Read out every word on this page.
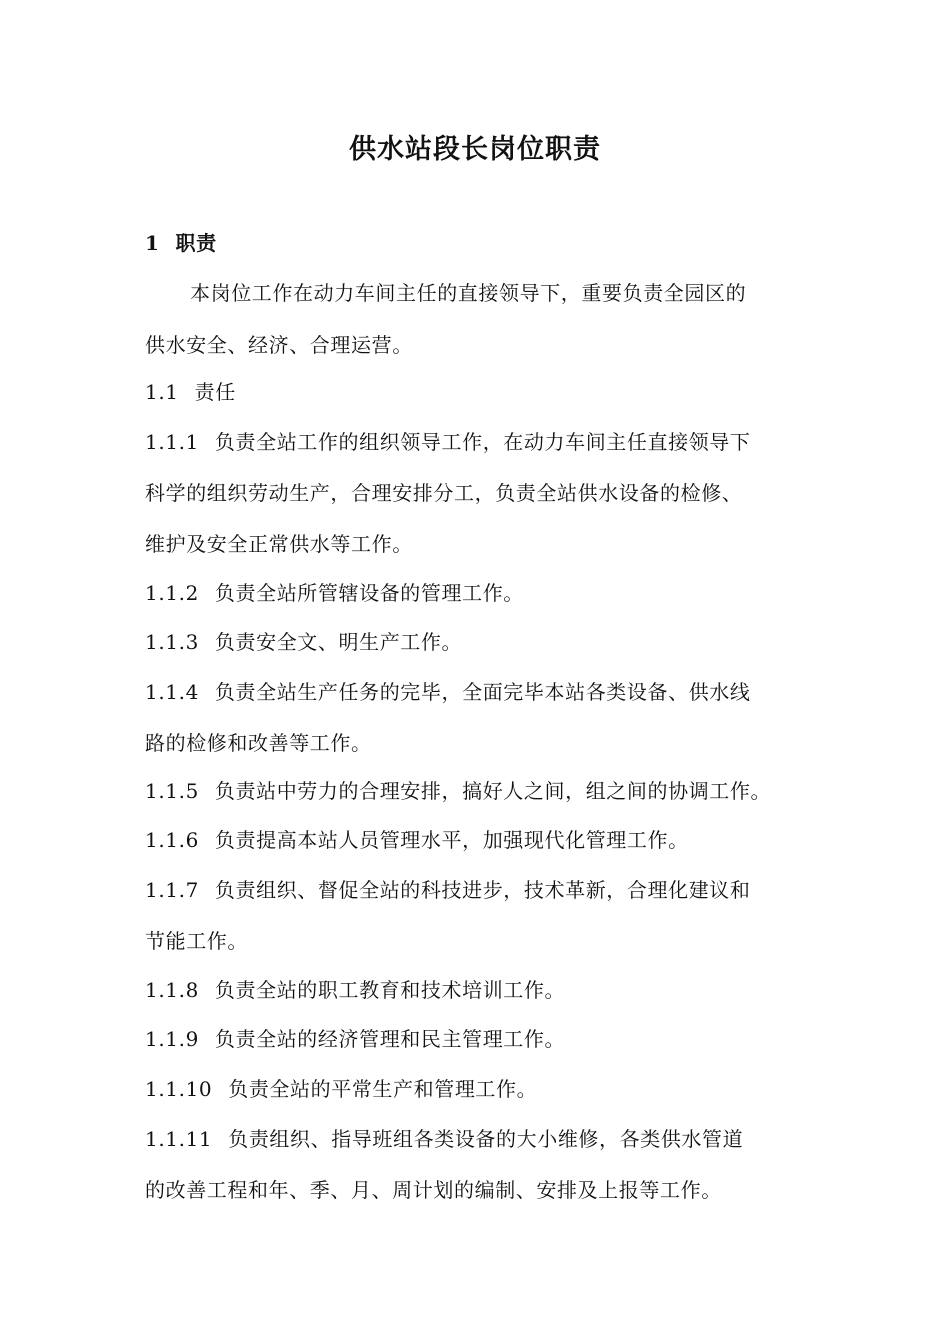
供水站段长岗位职责
1 职责
本岗位工作在动力车间主任的直接领导下，重要负责全园区的
供水安全、经济、合理运营。
1.1 责任
1.1.1 负责全站工作的组织领导工作，在动力车间主任直接领导下
科学的组织劳动生产，合理安排分工，负责全站供水设备的检修、
维护及安全正常供水等工作。
1.1.2 负责全站所管辖设备的管理工作。
1.1.3 负责安全文、明生产工作。
1.1.4 负责全站生产任务的完毕，全面完毕本站各类设备、供水线
路的检修和改善等工作。
1.1.5 负责站中劳力的合理安排，搞好人之间，组之间的协调工作。
1.1.6 负责提高本站人员管理水平，加强现代化管理工作。
1.1.7 负责组织、督促全站的科技进步，技术革新，合理化建议和
节能工作。
1.1.8 负责全站的职工教育和技术培训工作。
1.1.9 负责全站的经济管理和民主管理工作。
1.1.10 负责全站的平常生产和管理工作。
1.1.11 负责组织、指导班组各类设备的大小维修，各类供水管道
的改善工程和年、季、月、周计划的编制、安排及上报等工作。
